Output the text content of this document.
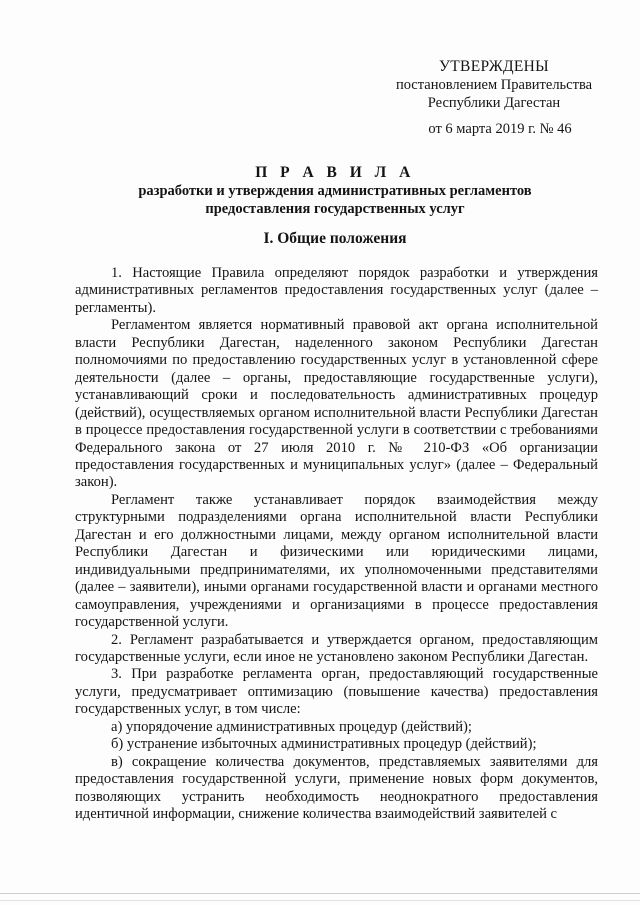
УТВЕРЖДЕНЫ
постановлением Правительства
Республики Дагестан
от 6 марта 2019 г. № 46
П Р А В И Л А
разработки и утверждения административных регламентов
предоставления государственных услуг
I. Общие положения

1. Настоящие Правила определяют порядок разработки и утверждения административных регламентов предоставления государственных услуг (далее – регламенты).

Регламентом является нормативный правовой акт органа исполнительной власти Республики Дагестан, наделенного законом Республики Дагестан полномочиями по предоставлению государственных услуг в установленной сфере деятельности (далее – органы, предоставляющие государственные услуги), устанавливающий сроки и последовательность административных процедур (действий), осуществляемых органом исполнительной власти Республики Дагестан в процессе предоставления государственной услуги в соответствии с требованиями Федерального закона от 27 июля 2010 г. № 210-ФЗ «Об организации предоставления государственных и муниципальных услуг» (далее – Федеральный закон).

Регламент также устанавливает порядок взаимодействия между структурными подразделениями органа исполнительной власти Республики Дагестан и его должностными лицами, между органом исполнительной власти Республики Дагестан и физическими или юридическими лицами, индивидуальными предпринимателями, их уполномоченными представителями (далее – заявители), иными органами государственной власти и органами местного самоуправления, учреждениями и организациями в процессе предоставления государственной услуги.

2. Регламент разрабатывается и утверждается органом, предоставляющим государственные услуги, если иное не установлено законом Республики Дагестан.

3. При разработке регламента орган, предоставляющий государственные услуги, предусматривает оптимизацию (повышение качества) предоставления государственных услуг, в том числе:

а) упорядочение административных процедур (действий);

б) устранение избыточных административных процедур (действий);

в) сокращение количества документов, представляемых заявителями для предоставления государственной услуги, применение новых форм документов, позволяющих устранить необходимость неоднократного предоставления идентичной информации, снижение количества взаимодействий заявителей с
